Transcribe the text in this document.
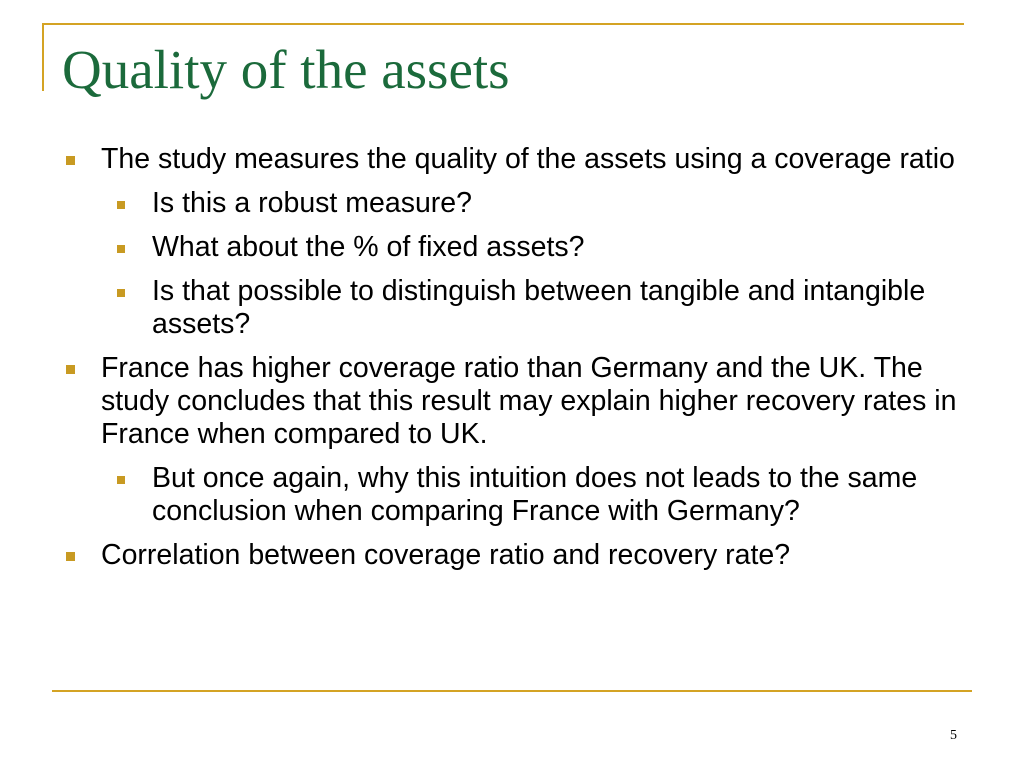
Quality of the assets
The study measures the quality of the assets using a coverage ratio
Is this a robust measure?
What about the % of fixed assets?
Is that possible to distinguish between tangible and intangible assets?
France has higher coverage ratio than Germany and the UK. The study concludes that this result may explain higher recovery rates in France when compared to UK.
But once again, why this intuition does not leads to the same conclusion when comparing France with Germany?
Correlation between coverage ratio and recovery rate?
5
